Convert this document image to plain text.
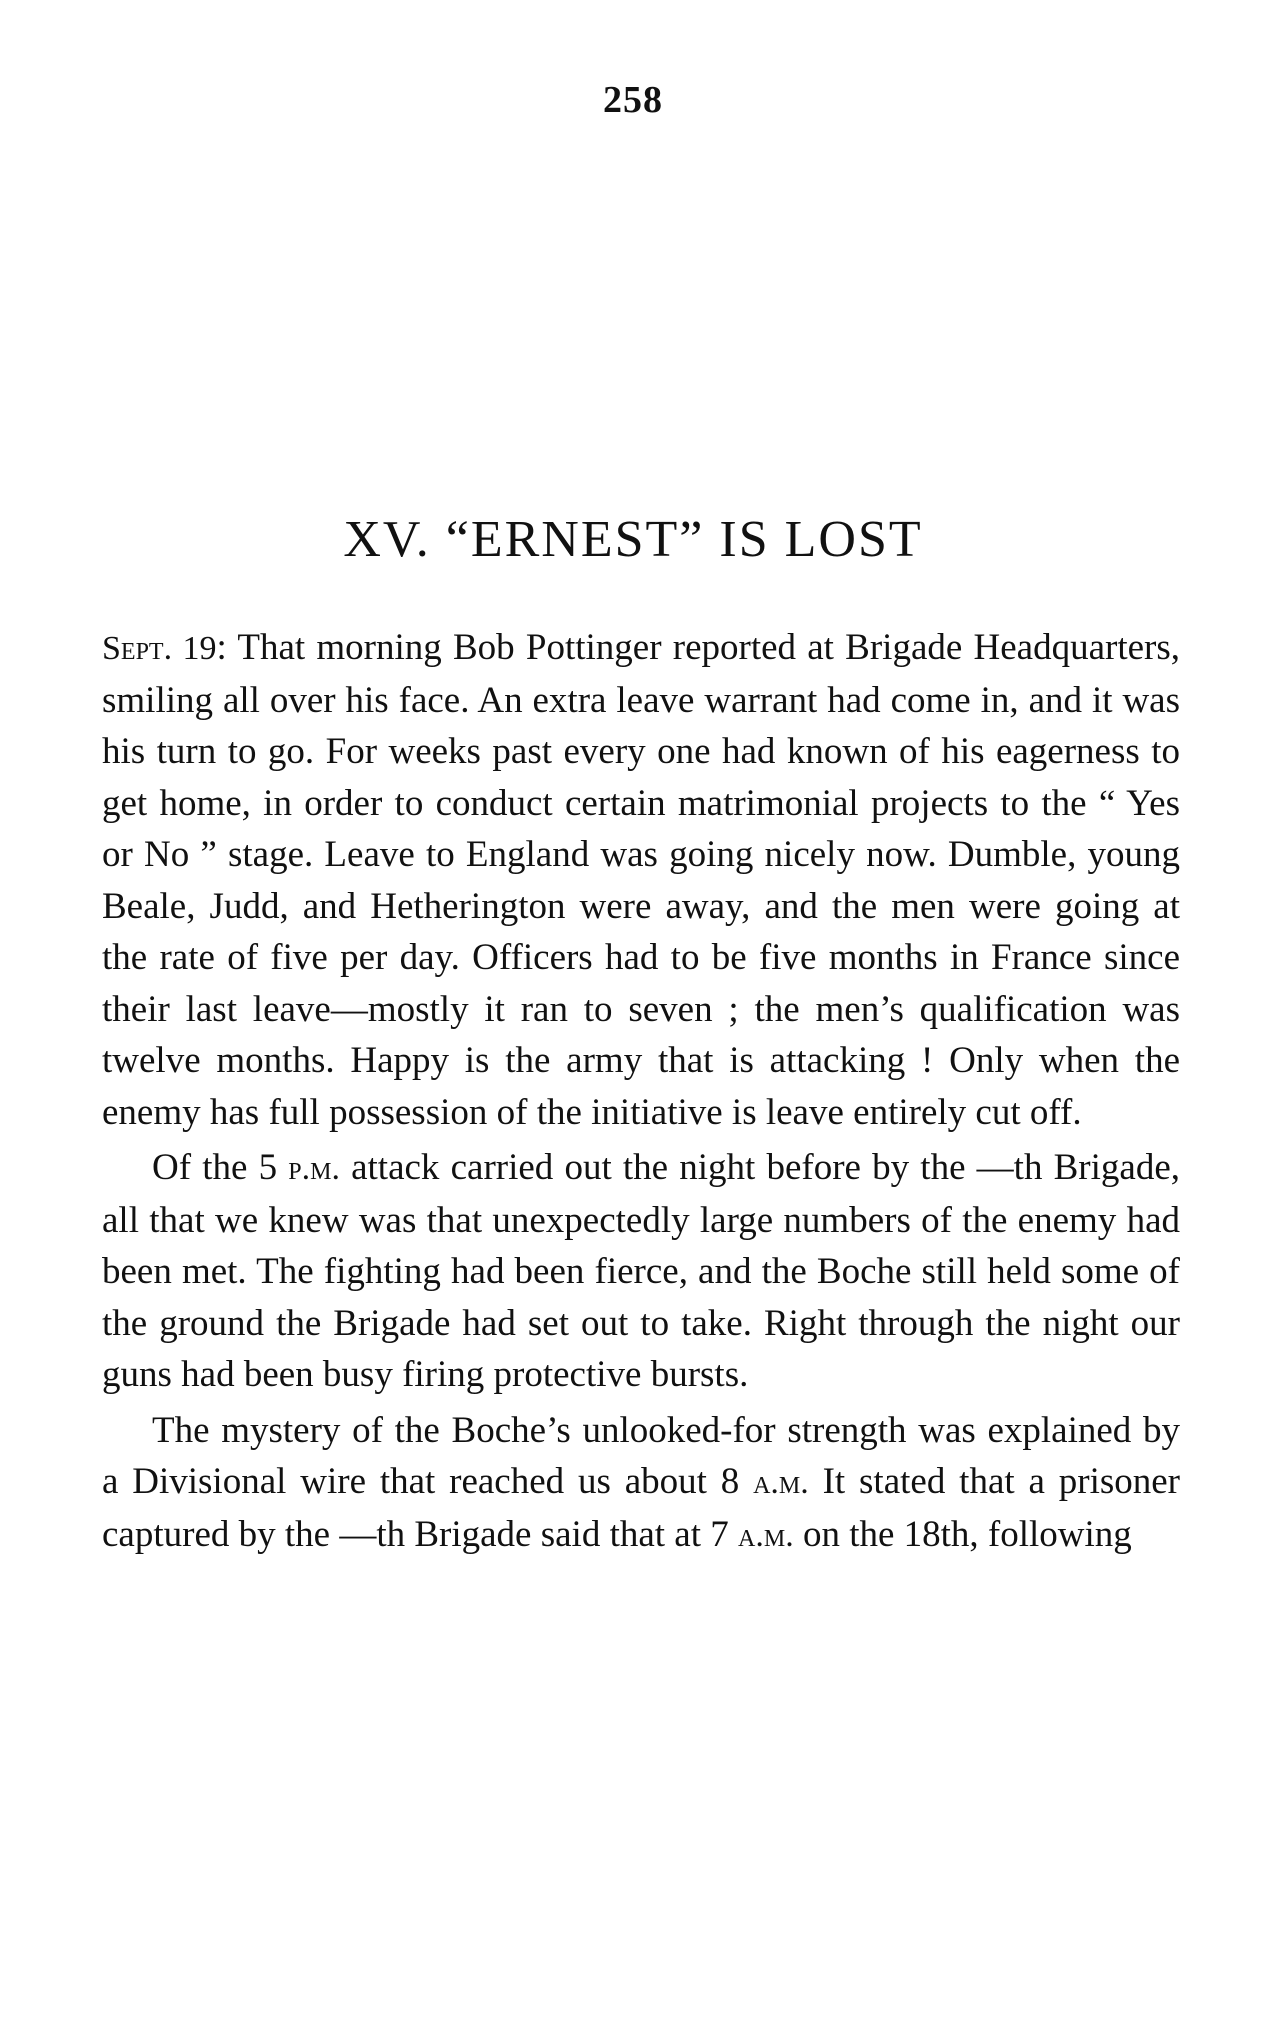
258
XV. “ERNEST” IS LOST

Sept. 19: That morning Bob Pottinger reported at Brigade Headquarters, smiling all over his face. An extra leave warrant had come in, and it was his turn to go. For weeks past every one had known of his eagerness to get home, in order to conduct certain matrimonial projects to the “ Yes or No ” stage. Leave to England was going nicely now. Dumble, young Beale, Judd, and Hetherington were away, and the men were going at the rate of five per day. Officers had to be five months in France since their last leave—mostly it ran to seven ; the men’s qualification was twelve months. Happy is the army that is attacking ! Only when the enemy has full possession of the initiative is leave entirely cut off.

Of the 5 p.m. attack carried out the night before by the —th Brigade, all that we knew was that unexpectedly large numbers of the enemy had been met. The fighting had been fierce, and the Boche still held some of the ground the Brigade had set out to take. Right through the night our guns had been busy firing protective bursts.

The mystery of the Boche’s unlooked-for strength was explained by a Divisional wire that reached us about 8 a.m. It stated that a prisoner captured by the —th Brigade said that at 7 a.m. on the 18th, following
